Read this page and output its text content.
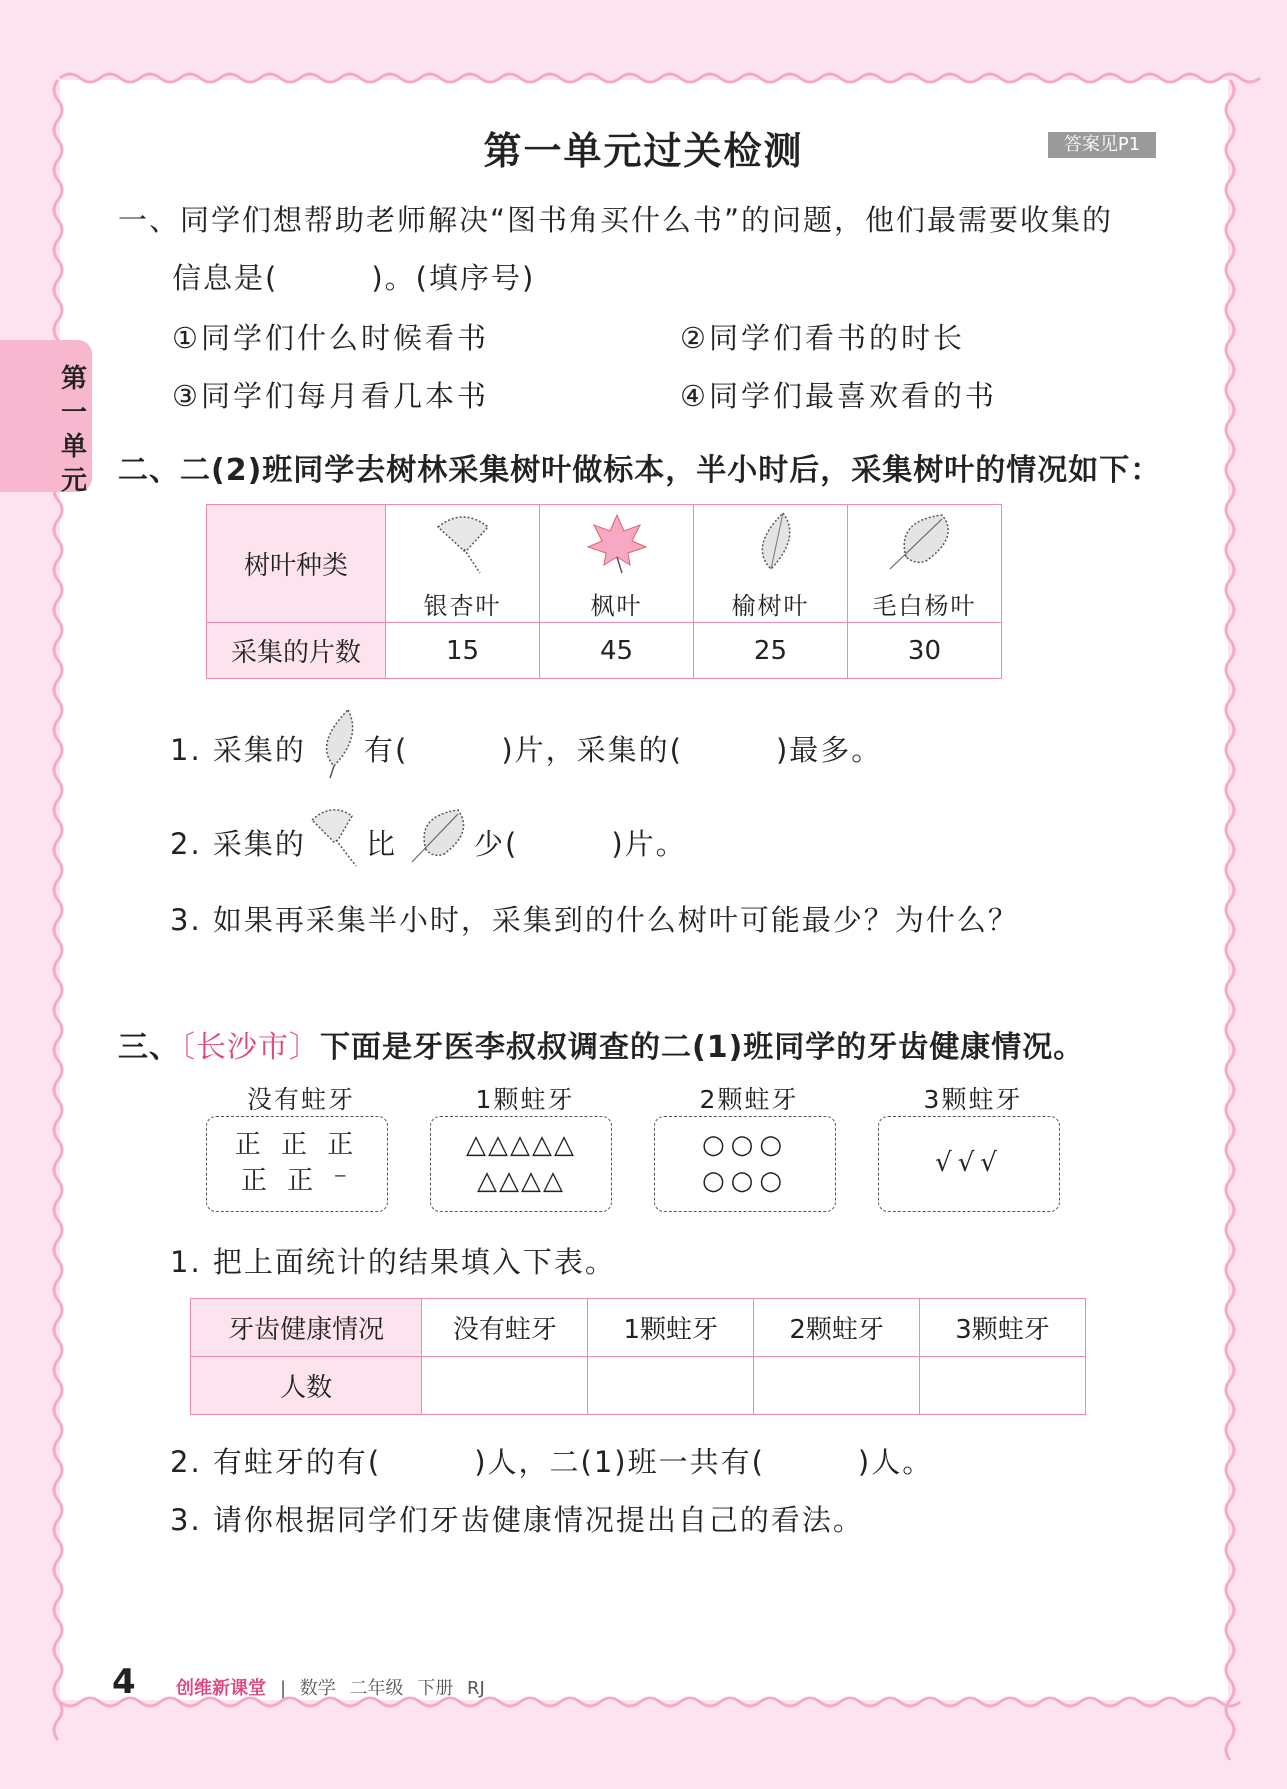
第
一
单
元
第一单元过关检测	答案见P1
一、同学们想帮助老师解决“图书角买什么书”的问题，他们最需要收集的
信息是(　　　)。(填序号)
①同学们什么时候看书	②同学们看书的时长
③同学们每月看几本书	④同学们最喜欢看的书
二、二(2)班同学去树林采集树叶做标本，半小时后，采集树叶的情况如下：
树叶种类	银杏叶	枫叶	榆树叶	毛白杨叶

采集的片数	15	45	25	30
1. 采集的 有(　　　)片，采集的(　　　)最多。
2. 采集的 比	少(　　　)片。
3. 如果再采集半小时，采集到的什么树叶可能最少？为什么？
三、〔长沙市〕下面是牙医李叔叔调查的二(1)班同学的牙齿健康情况。
没有蛀牙
正 正 正
正 正 ⁻
1颗蛀牙
△△△△△
△△△△
2颗蛀牙
○○○
○○○
3颗蛀牙
√√√
1. 把上面统计的结果填入下表。
牙齿健康情况	没有蛀牙	1颗蛀牙	2颗蛀牙	3颗蛀牙
人数				
2. 有蛀牙的有(　　　)人，二(1)班一共有(　　　)人。
3. 请你根据同学们牙齿健康情况提出自己的看法。
4 创维新课堂 | 数学 二年级 下册 RJ
